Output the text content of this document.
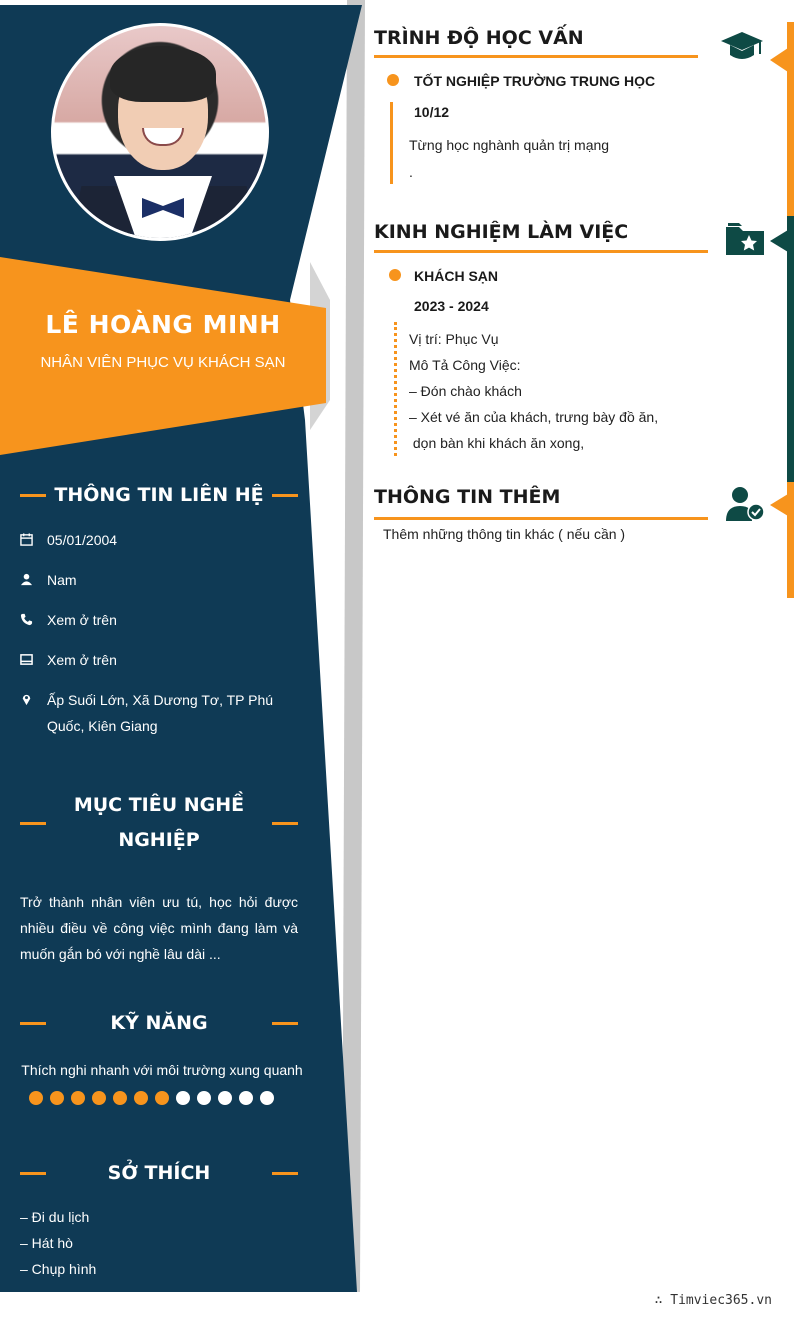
LÊ HOÀNG MINH
NHÂN VIÊN PHỤC VỤ KHÁCH SẠN
THÔNG TIN LIÊN HỆ
05/01/2004
Nam
Xem ở trên
Xem ở trên
Ấp Suối Lớn, Xã Dương Tơ, TP Phú Quốc, Kiên Giang
MỤC TIÊU NGHỀ
NGHIỆP
Trở thành nhân viên ưu tú, học hỏi được nhiều điều về công việc mình đang làm và muốn gắn bó với nghề lâu dài ...
KỸ NĂNG
Thích nghi nhanh với môi trường xung quanh
SỞ THÍCH
– Đi du lịch
– Hát hò
– Chụp hình
TRÌNH ĐỘ HỌC VẤN
TỐT NGHIỆP TRƯỜNG TRUNG HỌC
10/12
Từng học nghành quản trị mạng
.
KINH NGHIỆM LÀM VIỆC
KHÁCH SẠN
2023 - 2024
Vị trí: Phục Vụ
Mô Tả Công Việc:
– Đón chào khách
– Xét vé ăn của khách, trưng bày đồ ăn,
dọn bàn khi khách ăn xong,
THÔNG TIN THÊM
Thêm những thông tin khác ( nếu cần )
∴ Timviec365.vn
